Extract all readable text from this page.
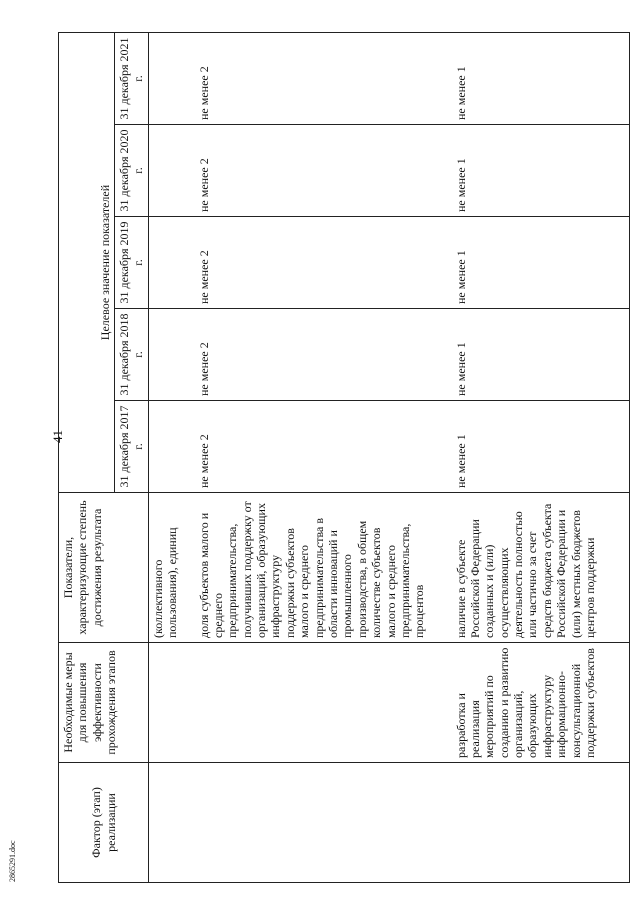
41
2865291.doc
Фактор (этап) реализации	Необходимые меры для повышения эффективности прохождения этапов	Показатели, характеризующие степень достижения результата	Целевое значение показателей				
			31 декабря 2017 г.	31 декабря 2018 г.	31 декабря 2019 г.	31 декабря 2020 г.	31 декабря 2021 г.
		(коллективного пользования), единиц					
		доля субъектов малого и среднего предпринимательства, получивших поддержку от организаций, образующих инфраструктуру поддержки субъектов малого и среднего предпринимательства в области инноваций и промышленного производства, в общем количестве субъектов малого и среднего предпринимательства, процентов	не менее 2	не менее 2	не менее 2	не менее 2	не менее 2
	разработка и реализация мероприятий по созданию и развитию организаций, образующих инфраструктуру информационно-консультационной поддержки субъектов	наличие в субъекте Российской Федерации созданных и (или) осуществляющих деятельность полностью или частично за счет средств бюджета субъекта Российской Федерации и (или) местных бюджетов центров поддержки	не менее 1	не менее 1	не менее 1	не менее 1	не менее 1
